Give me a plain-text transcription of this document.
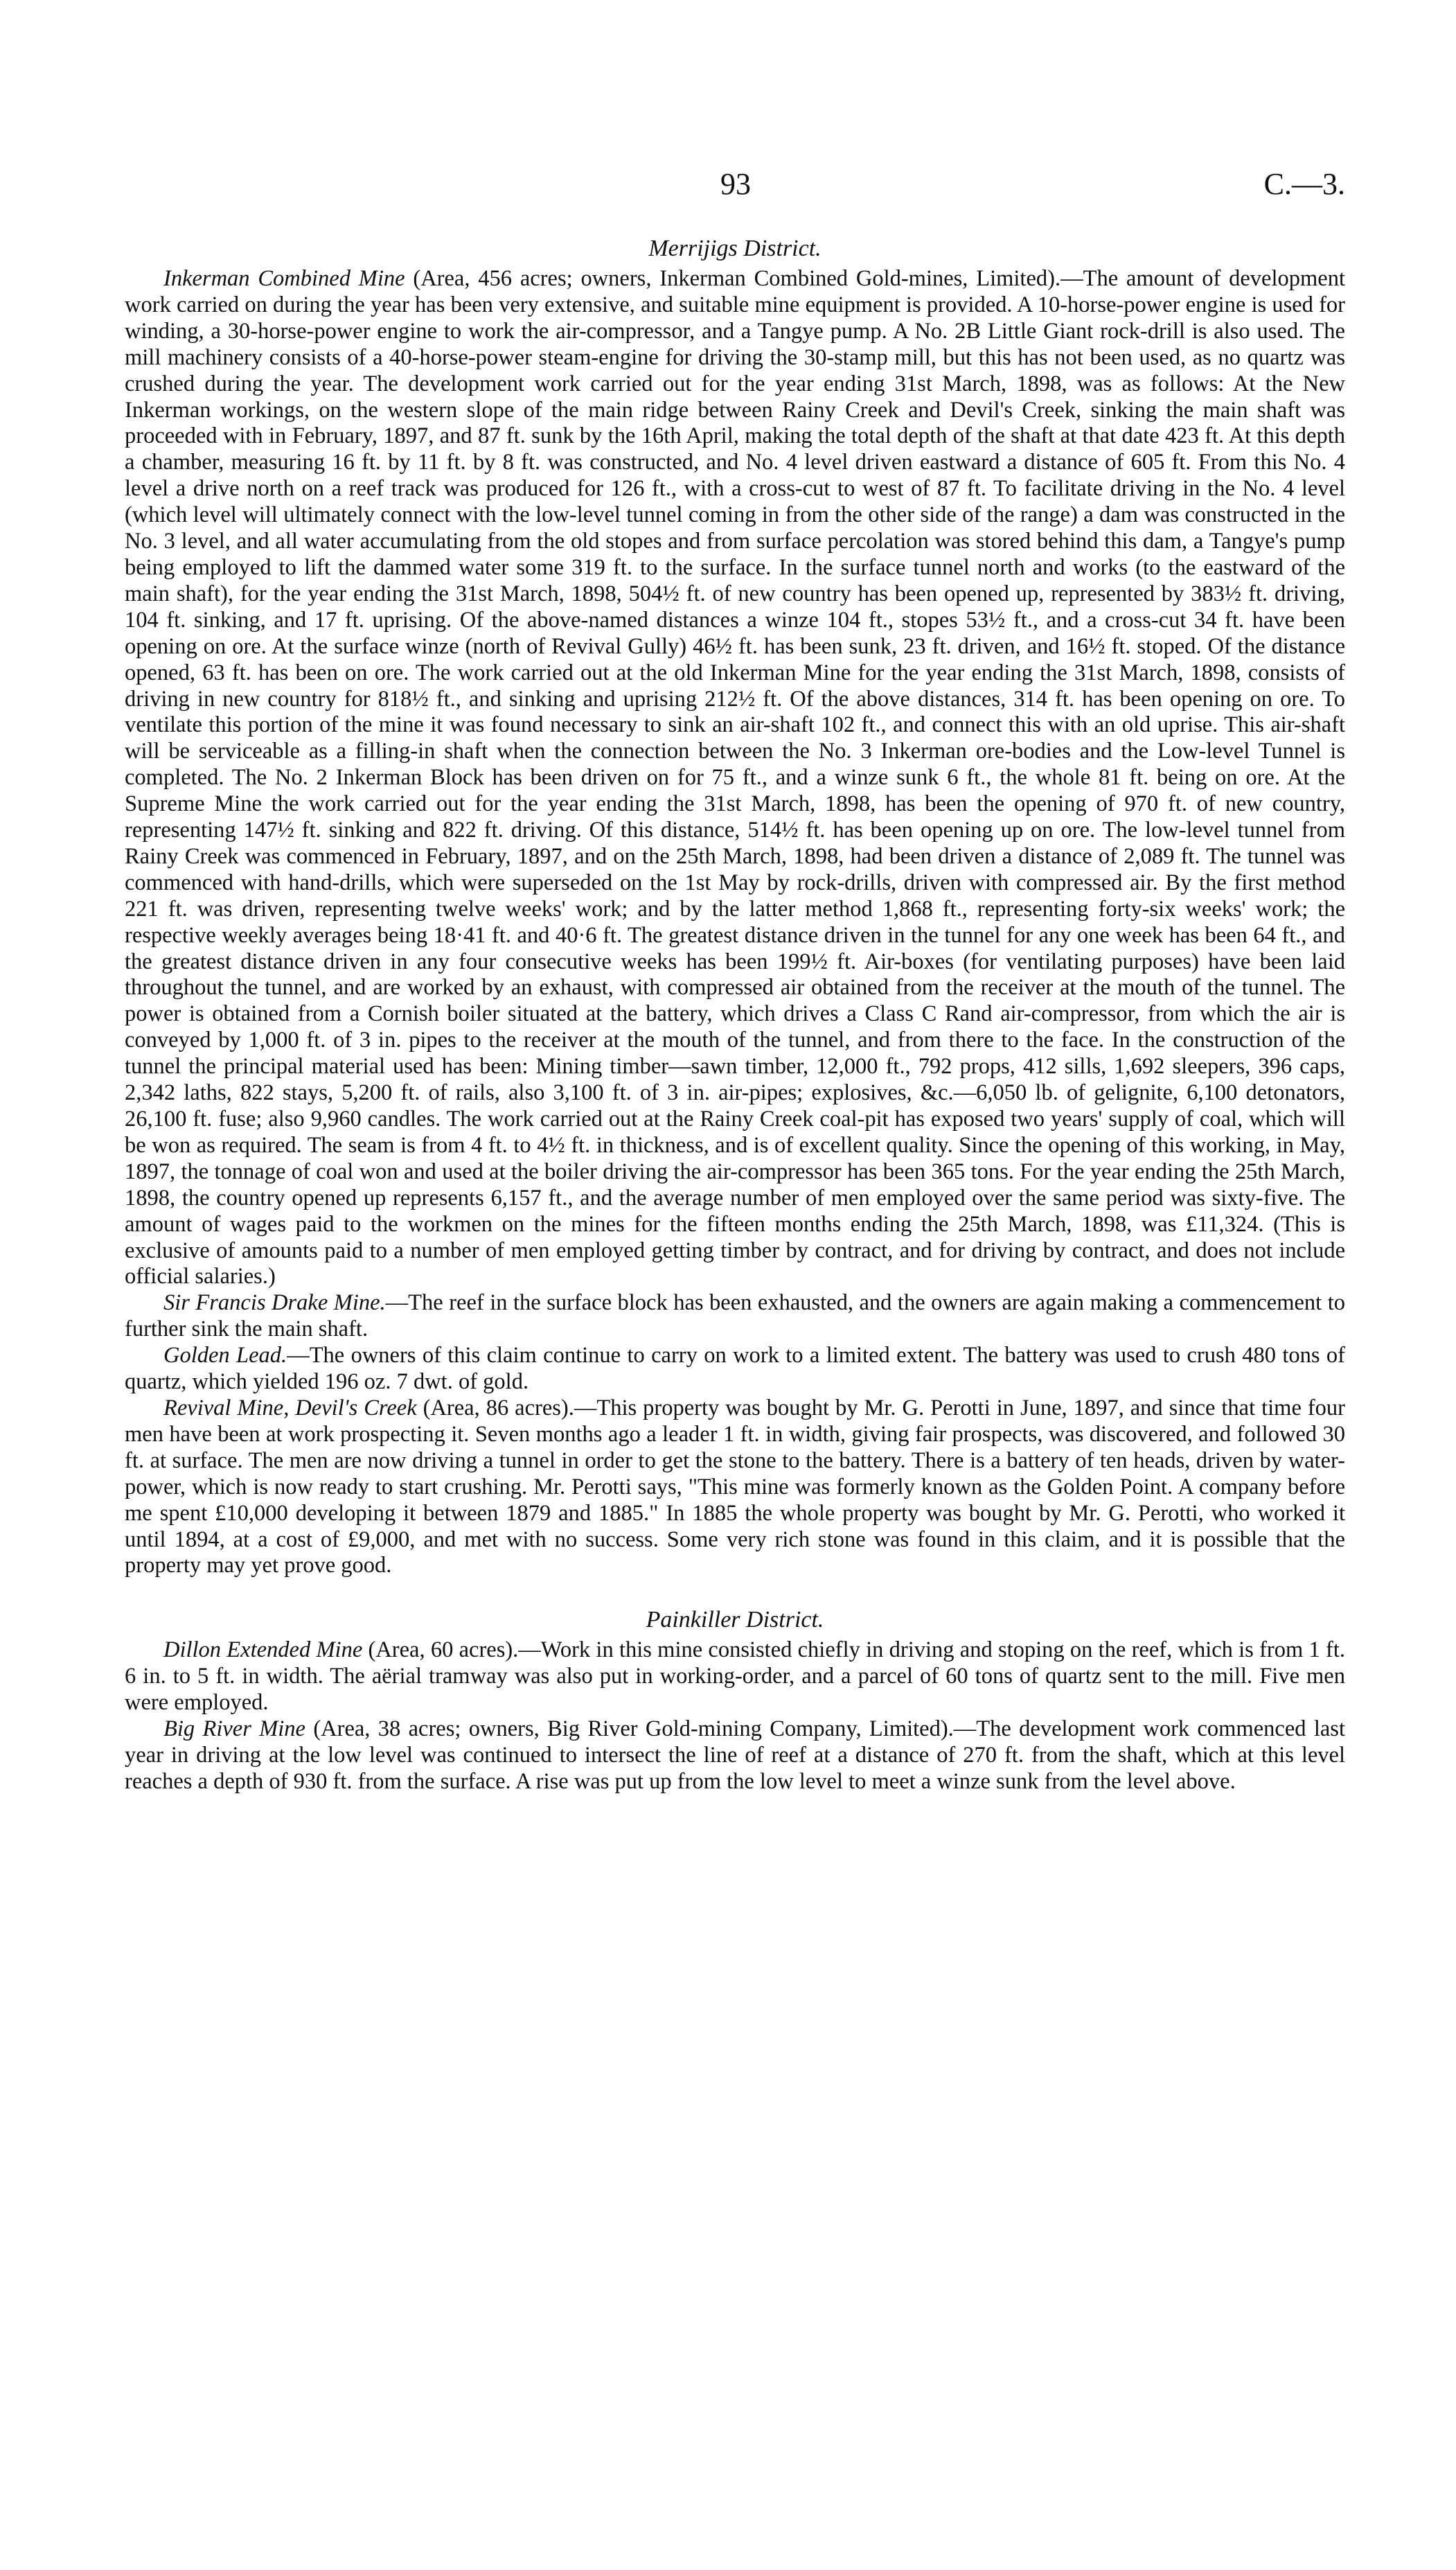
93	C.—3.
Merrijigs District.

Inkerman Combined Mine (Area, 456 acres; owners, Inkerman Combined Gold-mines, Limited).—The amount of development work carried on during the year has been very extensive, and suitable mine equipment is provided. A 10-horse-power engine is used for winding, a 30-horse-power engine to work the air-compressor, and a Tangye pump. A No. 2B Little Giant rock-drill is also used. The mill machinery consists of a 40-horse-power steam-engine for driving the 30-stamp mill, but this has not been used, as no quartz was crushed during the year. The development work carried out for the year ending 31st March, 1898, was as follows: At the New Inkerman workings, on the western slope of the main ridge between Rainy Creek and Devil's Creek, sinking the main shaft was proceeded with in February, 1897, and 87 ft. sunk by the 16th April, making the total depth of the shaft at that date 423 ft. At this depth a chamber, measuring 16 ft. by 11 ft. by 8 ft. was constructed, and No. 4 level driven eastward a distance of 605 ft. From this No. 4 level a drive north on a reef track was produced for 126 ft., with a cross-cut to west of 87 ft. To facilitate driving in the No. 4 level (which level will ultimately connect with the low-level tunnel coming in from the other side of the range) a dam was constructed in the No. 3 level, and all water accumulating from the old stopes and from surface percolation was stored behind this dam, a Tangye's pump being employed to lift the dammed water some 319 ft. to the surface. In the surface tunnel north and works (to the eastward of the main shaft), for the year ending the 31st March, 1898, 504½ ft. of new country has been opened up, represented by 383½ ft. driving, 104 ft. sinking, and 17 ft. uprising. Of the above-named distances a winze 104 ft., stopes 53½ ft., and a cross-cut 34 ft. have been opening on ore. At the surface winze (north of Revival Gully) 46½ ft. has been sunk, 23 ft. driven, and 16½ ft. stoped. Of the distance opened, 63 ft. has been on ore. The work carried out at the old Inkerman Mine for the year ending the 31st March, 1898, consists of driving in new country for 818½ ft., and sinking and uprising 212½ ft. Of the above distances, 314 ft. has been opening on ore. To ventilate this portion of the mine it was found necessary to sink an air-shaft 102 ft., and connect this with an old uprise. This air-shaft will be serviceable as a filling-in shaft when the connection between the No. 3 Inkerman ore-bodies and the Low-level Tunnel is completed. The No. 2 Inkerman Block has been driven on for 75 ft., and a winze sunk 6 ft., the whole 81 ft. being on ore. At the Supreme Mine the work carried out for the year ending the 31st March, 1898, has been the opening of 970 ft. of new country, representing 147½ ft. sinking and 822 ft. driving. Of this distance, 514½ ft. has been opening up on ore. The low-level tunnel from Rainy Creek was commenced in February, 1897, and on the 25th March, 1898, had been driven a distance of 2,089 ft. The tunnel was commenced with hand-drills, which were superseded on the 1st May by rock-drills, driven with compressed air. By the first method 221 ft. was driven, representing twelve weeks' work; and by the latter method 1,868 ft., representing forty-six weeks' work; the respective weekly averages being 18·41 ft. and 40·6 ft. The greatest distance driven in the tunnel for any one week has been 64 ft., and the greatest distance driven in any four consecutive weeks has been 199½ ft. Air-boxes (for ventilating purposes) have been laid throughout the tunnel, and are worked by an exhaust, with compressed air obtained from the receiver at the mouth of the tunnel. The power is obtained from a Cornish boiler situated at the battery, which drives a Class C Rand air-compressor, from which the air is conveyed by 1,000 ft. of 3 in. pipes to the receiver at the mouth of the tunnel, and from there to the face. In the construction of the tunnel the principal material used has been: Mining timber—sawn timber, 12,000 ft., 792 props, 412 sills, 1,692 sleepers, 396 caps, 2,342 laths, 822 stays, 5,200 ft. of rails, also 3,100 ft. of 3 in. air-pipes; explosives, &c.—6,050 lb. of gelignite, 6,100 detonators, 26,100 ft. fuse; also 9,960 candles. The work carried out at the Rainy Creek coal-pit has exposed two years' supply of coal, which will be won as required. The seam is from 4 ft. to 4½ ft. in thickness, and is of excellent quality. Since the opening of this working, in May, 1897, the tonnage of coal won and used at the boiler driving the air-compressor has been 365 tons. For the year ending the 25th March, 1898, the country opened up represents 6,157 ft., and the average number of men employed over the same period was sixty-five. The amount of wages paid to the workmen on the mines for the fifteen months ending the 25th March, 1898, was £11,324. (This is exclusive of amounts paid to a number of men employed getting timber by contract, and for driving by contract, and does not include official salaries.)

Sir Francis Drake Mine.—The reef in the surface block has been exhausted, and the owners are again making a commencement to further sink the main shaft.

Golden Lead.—The owners of this claim continue to carry on work to a limited extent. The battery was used to crush 480 tons of quartz, which yielded 196 oz. 7 dwt. of gold.

Revival Mine, Devil's Creek (Area, 86 acres).—This property was bought by Mr. G. Perotti in June, 1897, and since that time four men have been at work prospecting it. Seven months ago a leader 1 ft. in width, giving fair prospects, was discovered, and followed 30 ft. at surface. The men are now driving a tunnel in order to get the stone to the battery. There is a battery of ten heads, driven by water-power, which is now ready to start crushing. Mr. Perotti says, "This mine was formerly known as the Golden Point. A company before me spent £10,000 developing it between 1879 and 1885." In 1885 the whole property was bought by Mr. G. Perotti, who worked it until 1894, at a cost of £9,000, and met with no success. Some very rich stone was found in this claim, and it is possible that the property may yet prove good.

Painkiller District.

Dillon Extended Mine (Area, 60 acres).—Work in this mine consisted chiefly in driving and stoping on the reef, which is from 1 ft. 6 in. to 5 ft. in width. The aërial tramway was also put in working-order, and a parcel of 60 tons of quartz sent to the mill. Five men were employed.

Big River Mine (Area, 38 acres; owners, Big River Gold-mining Company, Limited).—The development work commenced last year in driving at the low level was continued to intersect the line of reef at a distance of 270 ft. from the shaft, which at this level reaches a depth of 930 ft. from the surface. A rise was put up from the low level to meet a winze sunk from the level above.
